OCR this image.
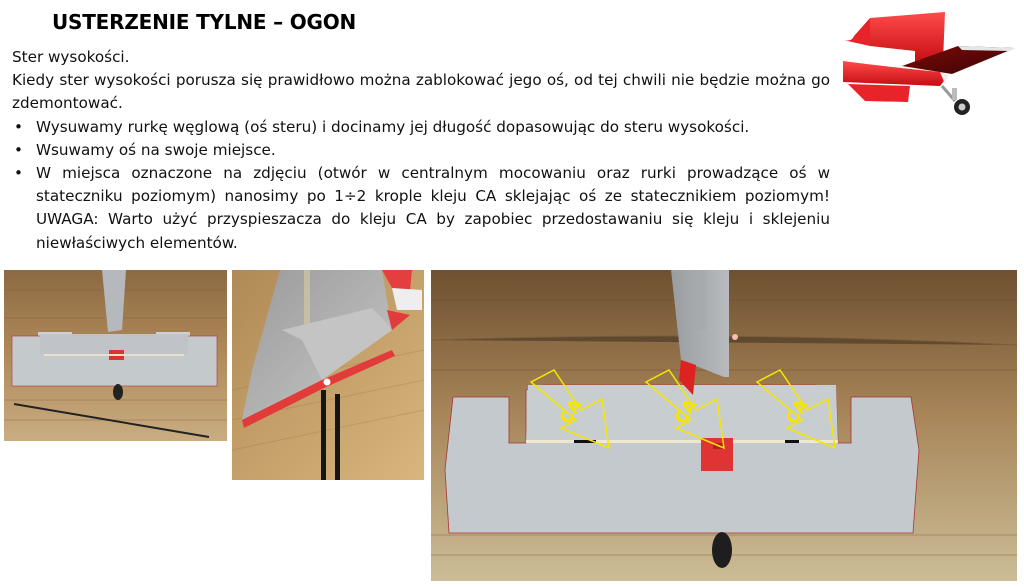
USTERZENIE TYLNE – OGON

Ster wysokości.

Kiedy ster wysokości porusza się prawidłowo można zablokować jego oś, od tej chwili nie będzie można go zdemontować.

• Wysuwamy rurkę węglową (oś steru) i docinamy jej długość dopasowując do steru wysokości.
• Wsuwamy oś na swoje miejsce.
• W miejsca oznaczone na zdjęciu (otwór w centralnym mocowaniu oraz rurki prowadzące oś w stateczniku poziomym) nanosimy po 1÷2 krople kleju CA sklejając oś ze statecznikiem poziomym! UWAGA: Warto użyć przyspieszacza do kleju CA by zapobiec przedostawaniu się kleju i sklejeniu niewłaściwych elementów.
CA	CA	CA
